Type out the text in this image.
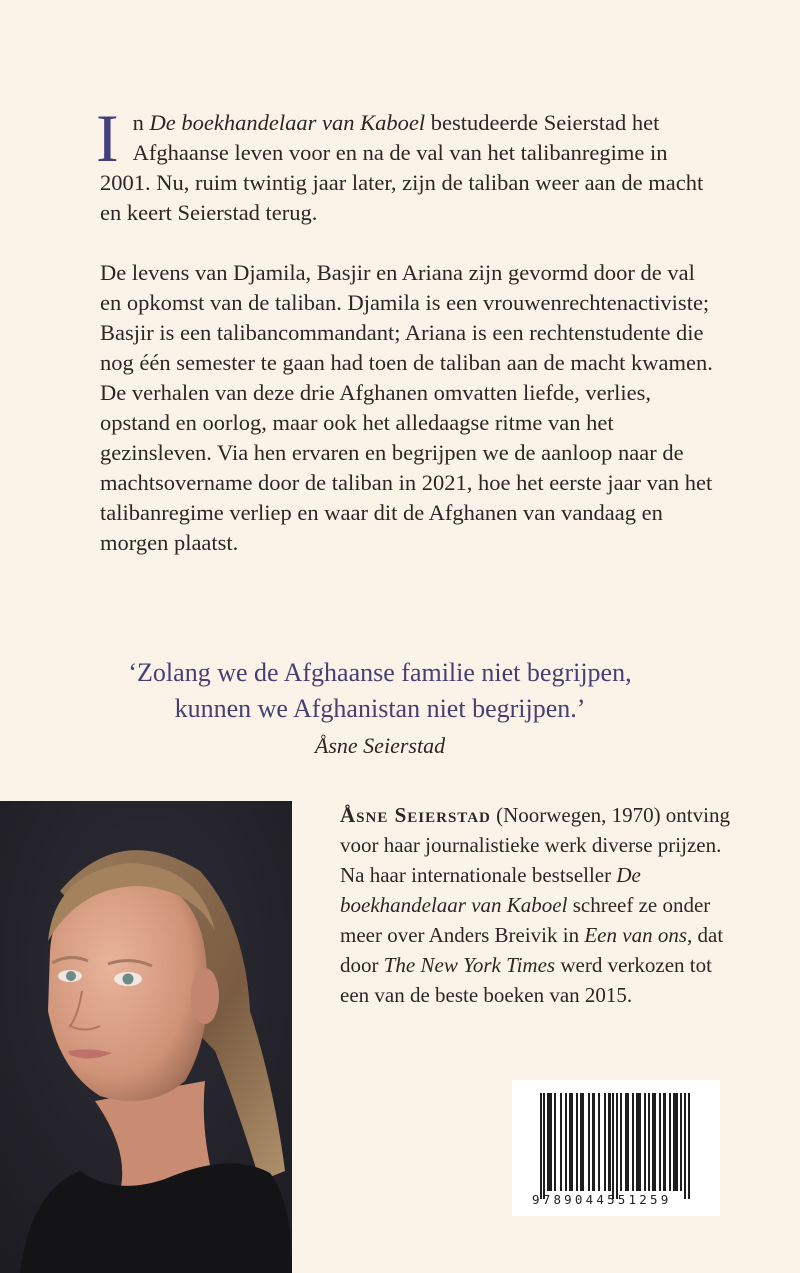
In De boekhandelaar van Kaboel bestudeerde Seierstad het Afghaanse leven voor en na de val van het talibanregime in 2001. Nu, ruim twintig jaar later, zijn de taliban weer aan de macht en keert Seierstad terug.

De levens van Djamila, Basjir en Ariana zijn gevormd door de val en opkomst van de taliban. Djamila is een vrouwenrechtenactiviste; Basjir is een talibancommandant; Ariana is een rechtenstudente die nog één semester te gaan had toen de taliban aan de macht kwamen. De verhalen van deze drie Afghanen omvatten liefde, verlies, opstand en oorlog, maar ook het alledaagse ritme van het gezinsleven. Via hen ervaren en begrijpen we de aanloop naar de machtsovername door de taliban in 2021, hoe het eerste jaar van het talibanregime verliep en waar dit de Afghanen van vandaag en morgen plaatst.

‘Zolang we de Afghaanse familie niet begrijpen,
kunnen we Afghanistan niet begrijpen.’
Åsne Seierstad
Åsne Seierstad (Noorwegen, 1970) ontving voor haar journalistieke werk diverse prijzen. Na haar internationale bestseller De boekhandelaar van Kaboel schreef ze onder meer over Anders Breivik in Een van ons, dat door The New York Times werd verkozen tot een van de beste boeken van 2015.
9789044551259
